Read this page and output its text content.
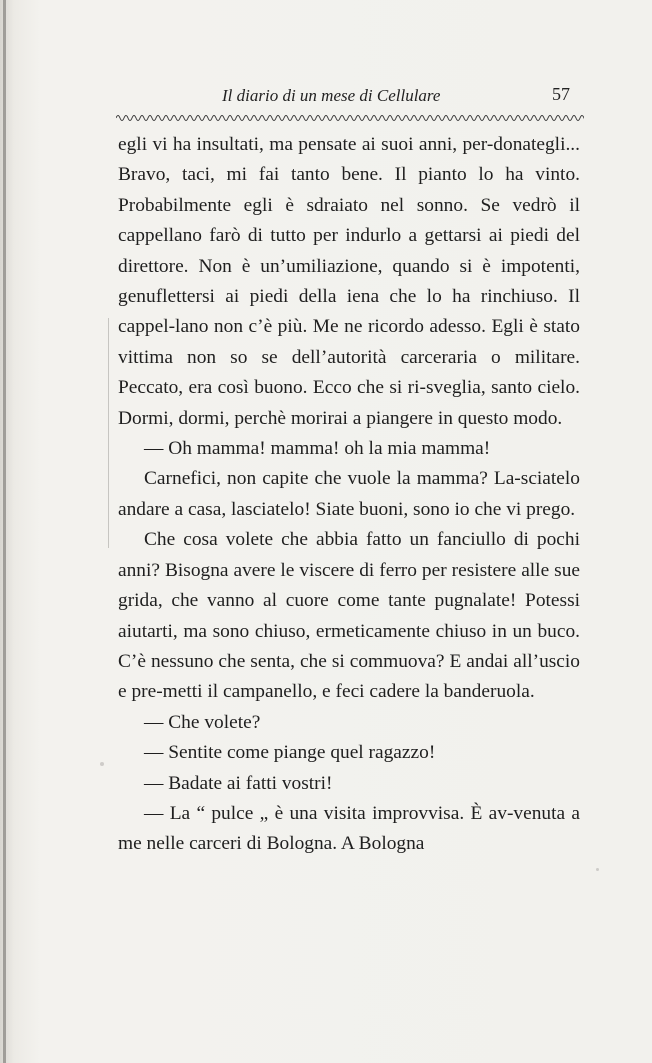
Il diario di un mese di Cellulare	57

egli vi ha insultati, ma pensate ai suoi anni, per-donategli... Bravo, taci, mi fai tanto bene. Il pianto lo ha vinto. Probabilmente egli è sdraiato nel sonno. Se vedrò il cappellano farò di tutto per indurlo a gettarsi ai piedi del direttore. Non è un’umiliazione, quando si è impotenti, genuflettersi ai piedi della iena che lo ha rinchiuso. Il cappel-lano non c’è più. Me ne ricordo adesso. Egli è stato vittima non so se dell’autorità carceraria o militare. Peccato, era così buono. Ecco che si ri-sveglia, santo cielo. Dormi, dormi, perchè morirai a piangere in questo modo.

— Oh mamma! mamma! oh la mia mamma!

Carnefici, non capite che vuole la mamma? La-sciatelo andare a casa, lasciatelo! Siate buoni, sono io che vi prego.

Che cosa volete che abbia fatto un fanciullo di pochi anni? Bisogna avere le viscere di ferro per resistere alle sue grida, che vanno al cuore come tante pugnalate! Potessi aiutarti, ma sono chiuso, ermeticamente chiuso in un buco. C’è nessuno che senta, che si commuova? E andai all’uscio e pre-metti il campanello, e feci cadere la banderuola.

— Che volete?

— Sentite come piange quel ragazzo!

— Badate ai fatti vostri!

— La “ pulce „ è una visita improvvisa. È av-venuta a me nelle carceri di Bologna. A Bologna
